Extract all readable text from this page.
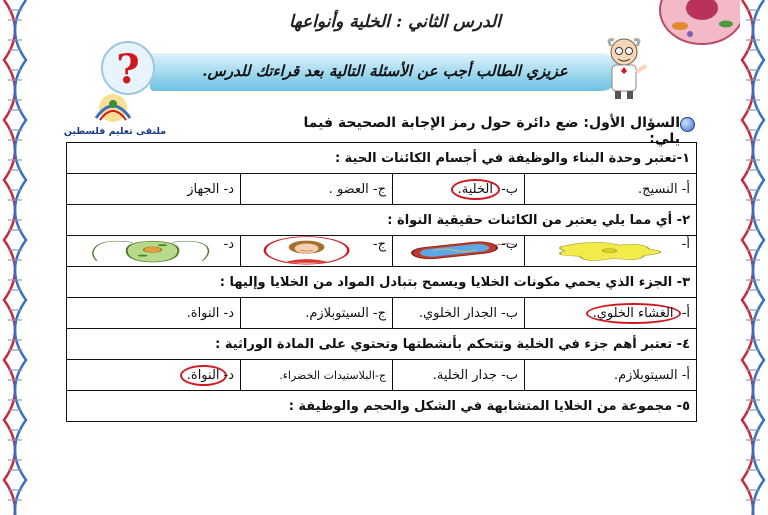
الدرس الثاني : الخلية وأنواعها
عزيزي الطالب أجب عن الأسئلة التالية بعد قراءتك للدرس.
?
ملتقى تعليم فلسطين
السؤال الأول: ضع دائرة حول رمز الإجابة الصحيحة فيما يلي:
١-تعتبر وحدة البناء والوظيفة في أجسام الكائنات الحية :			
أ- النسيج.	ب- الخلية.	ج- العضو .	د- الجهاز
٢- أي مما يلي يعتبر من الكائنات حقيقية النواة :			

أ-	ب-	ج-	د-

٣- الجزء الذي يحمي مكونات الخلايا ويسمح بتبادل المواد من الخلايا وإليها :			
أ- الغشاء الخلوي.	ب- الجدار الخلوي.	ج- السيتوبلازم.	د- النواة.
٤- تعتبر أهم جزء في الخلية وتتحكم بأنشطتها وتحتوي على المادة الوراثية :			
أ- السيتوبلازم.	ب- جدار الخلية.	ج-البلاستيدات الخضراء.	د-النواة.
٥- مجموعة من الخلايا المتشابهة في الشكل والحجم والوظيفة :			
